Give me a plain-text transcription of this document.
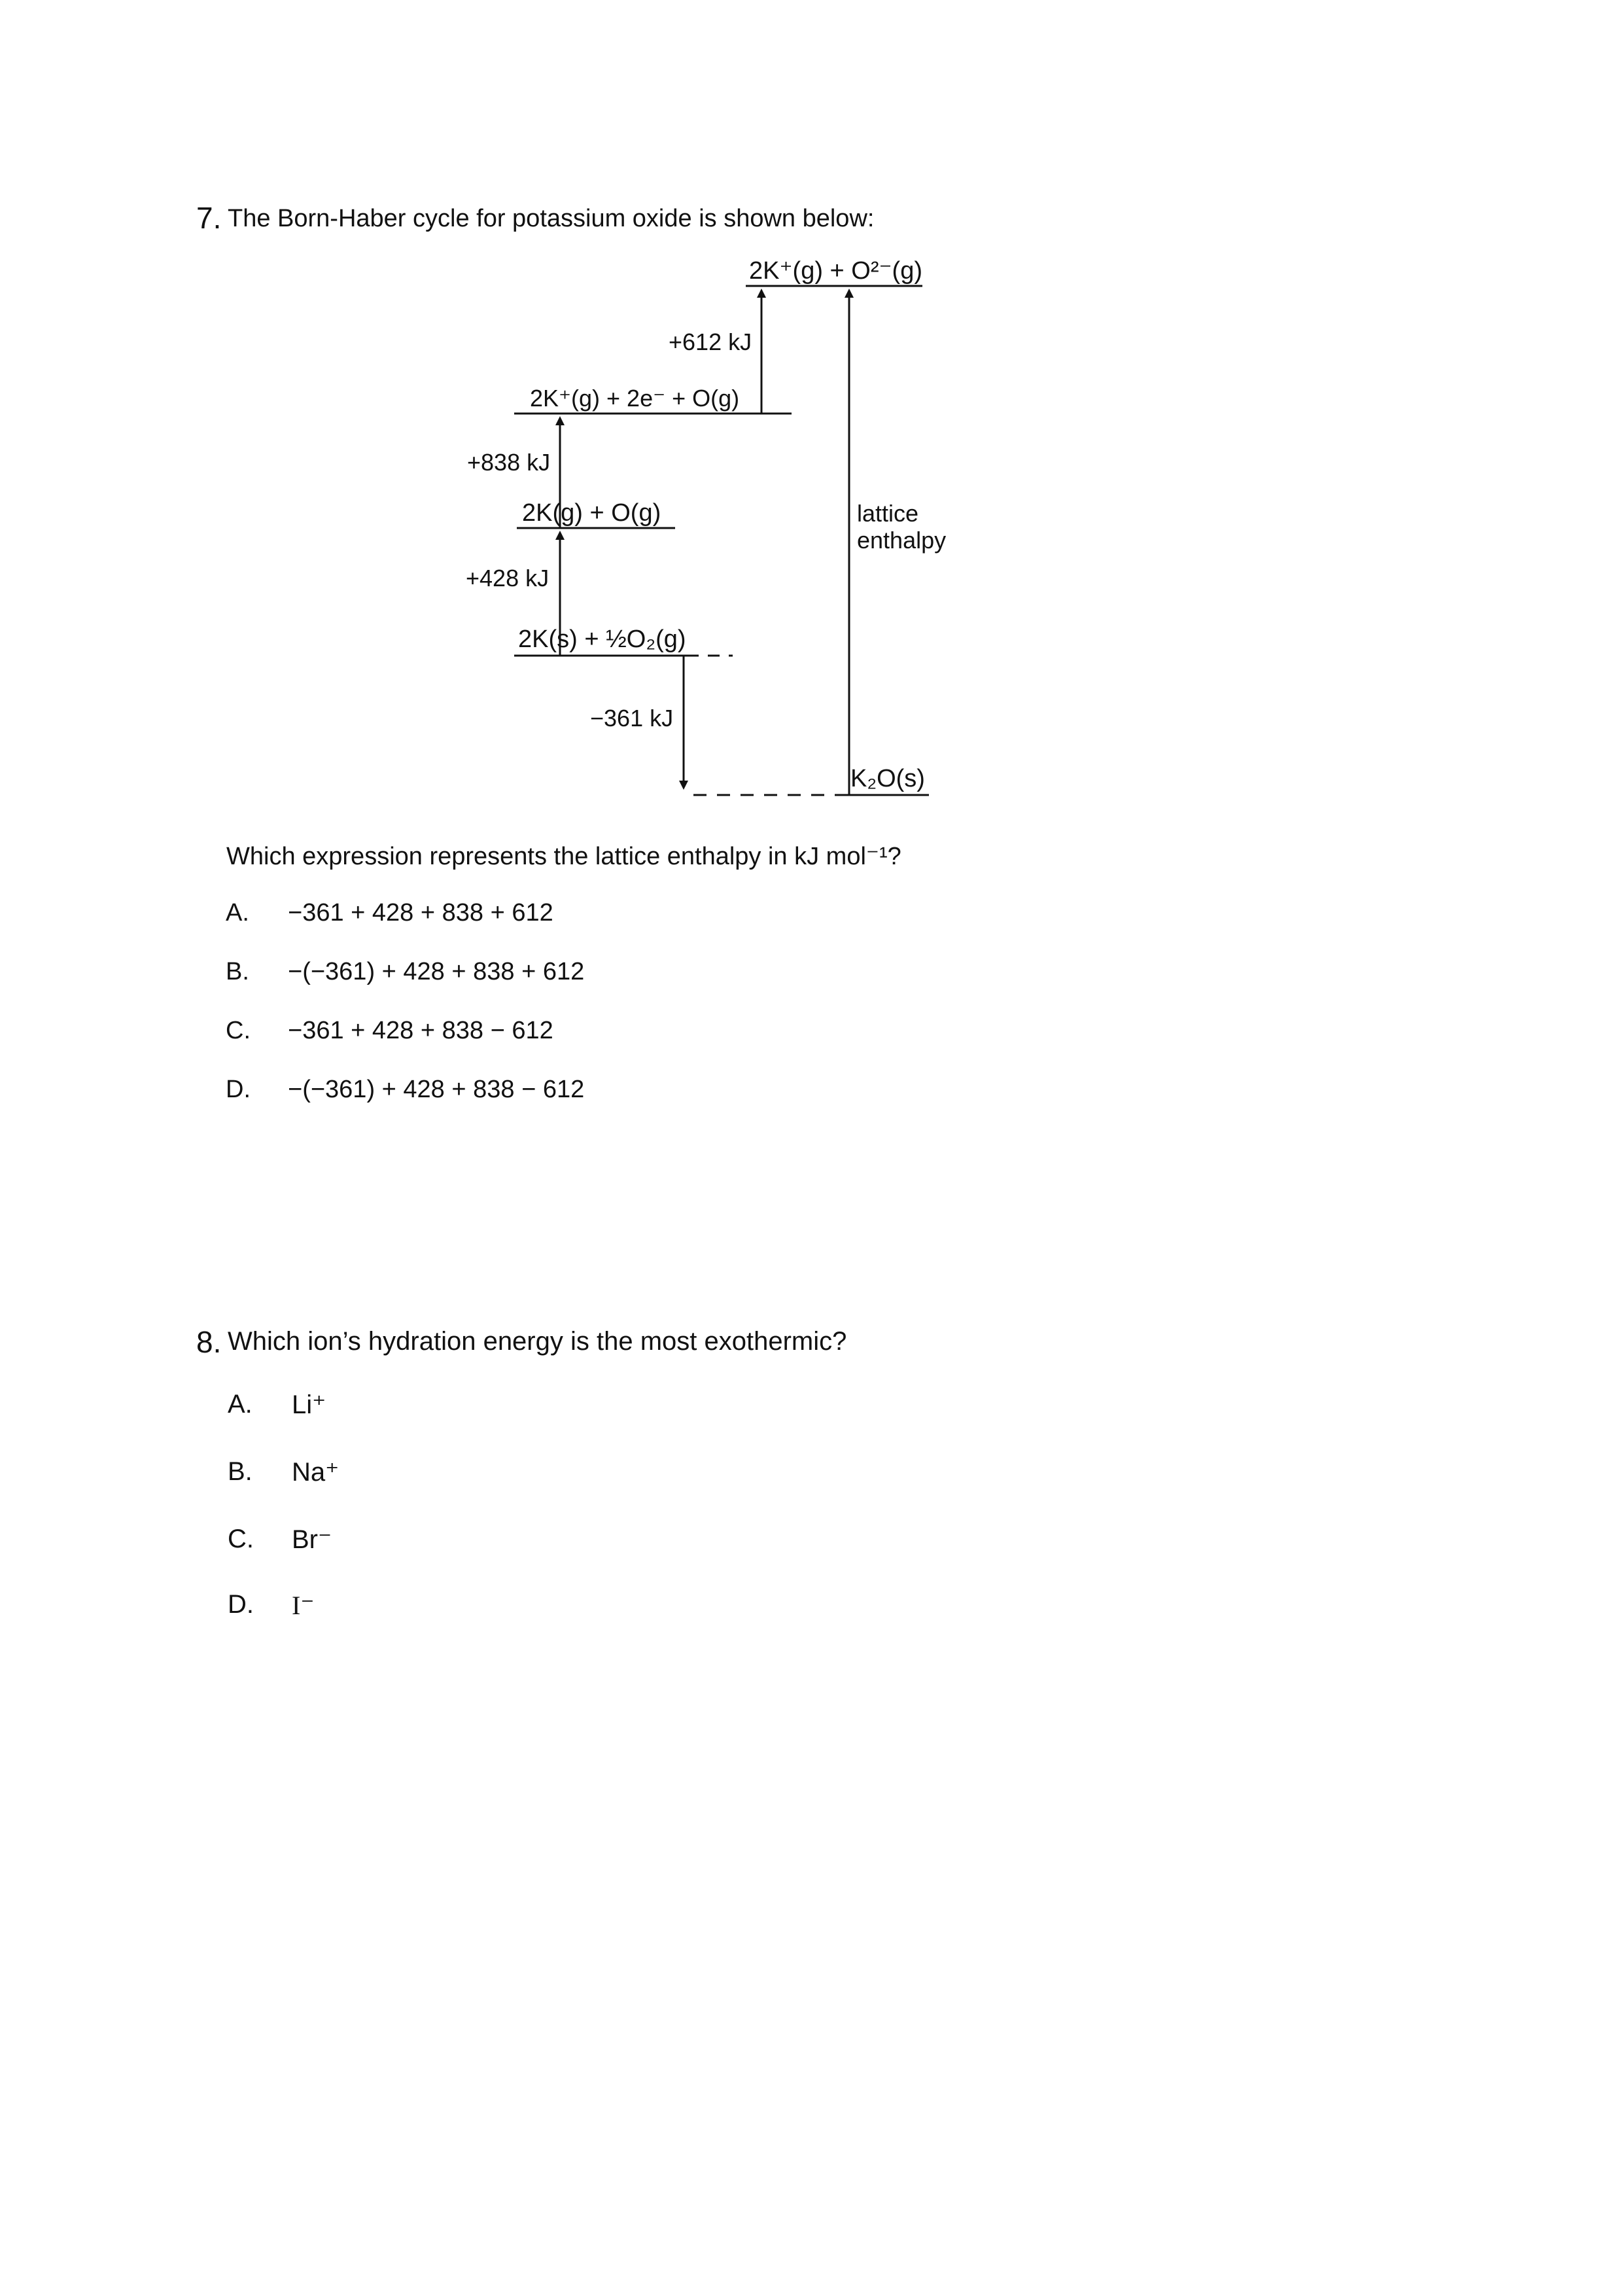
7. The Born-Haber cycle for potassium oxide is shown below:
2K⁺(g) + O²⁻(g)
2K⁺(g) + 2e⁻ + O(g)
2K(g) + O(g)
2K(s) + ½O₂(g)
K₂O(s)
+612 kJ
+838 kJ
+428 kJ
−361 kJ
lattice
enthalpy
Which expression represents the lattice enthalpy in kJ mol⁻¹?
A. −361 + 428 + 838 + 612
B. −(−361) + 428 + 838 + 612
C. −361 + 428 + 838 − 612
D. −(−361) + 428 + 838 − 612
8. Which ion’s hydration energy is the most exothermic?
A. Li⁺
B. Na⁺
C. Br⁻
D. I⁻
